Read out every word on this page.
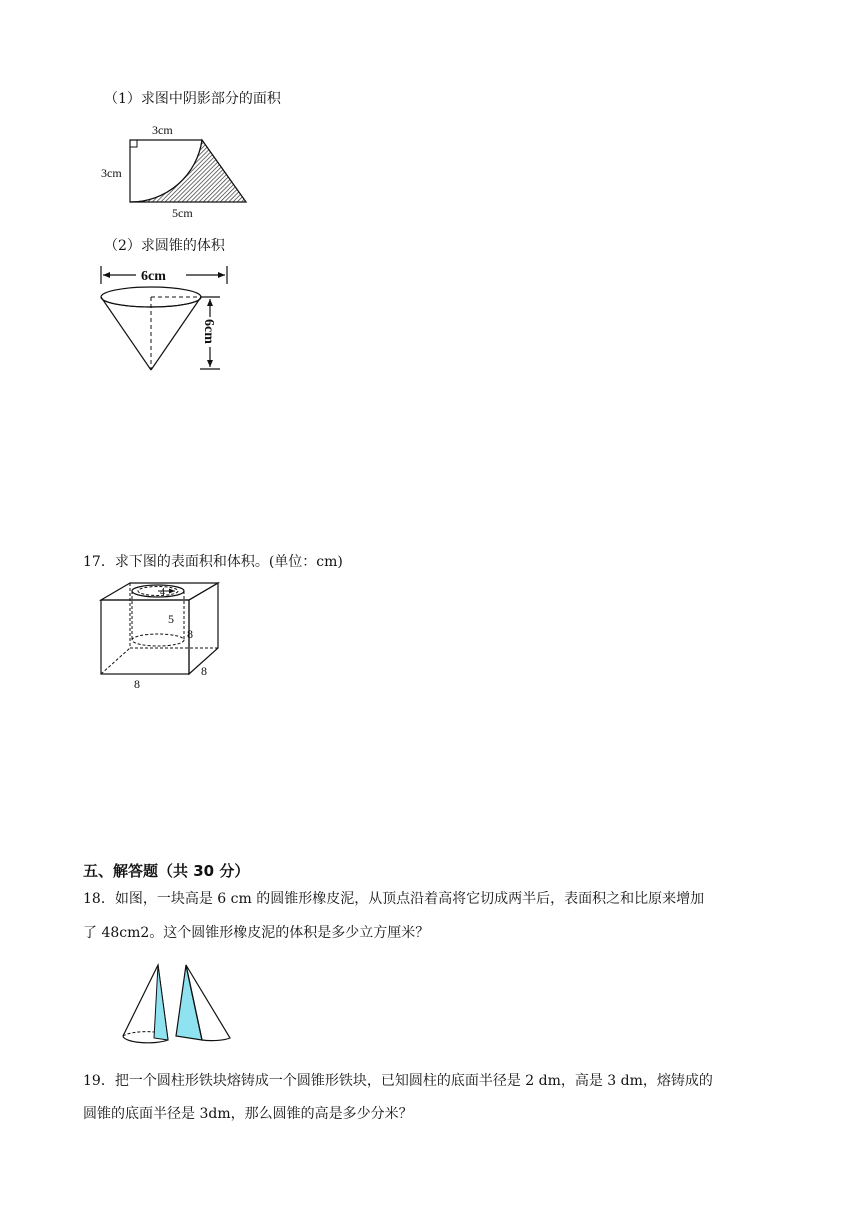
（1）求图中阴影部分的面积
3cm
3cm
5cm
（2）求圆锥的体积
6cm
6cm
17．求下图的表面积和体积。(单位：cm)
4
5
8
8
8
五、解答题（共 30 分）
18．如图，一块高是 6 cm 的圆锥形橡皮泥，从顶点沿着高将它切成两半后，表面积之和比原来增加
了 48cm2。这个圆锥形橡皮泥的体积是多少立方厘米？
19．把一个圆柱形铁块熔铸成一个圆锥形铁块，已知圆柱的底面半径是 2 dm，高是 3 dm，熔铸成的
圆锥的底面半径是 3dm，那么圆锥的高是多少分米？
